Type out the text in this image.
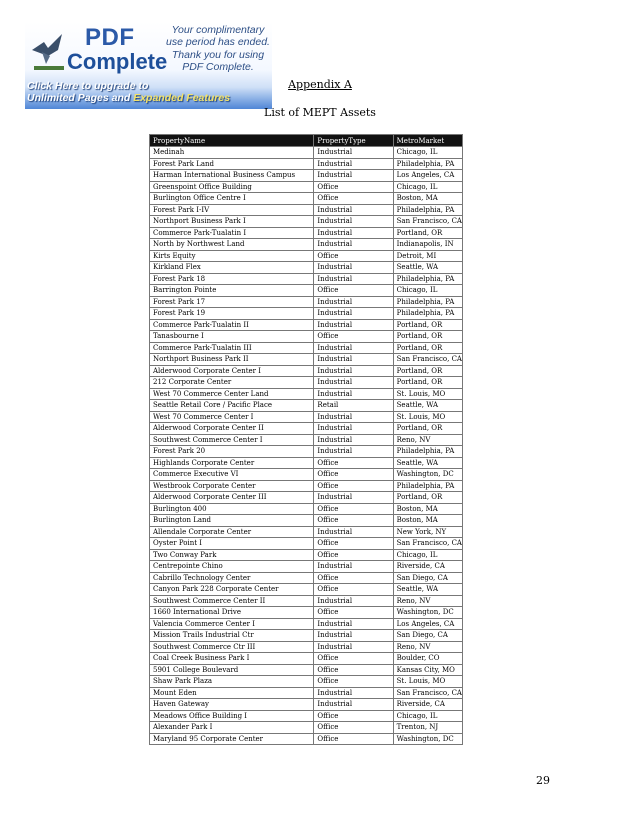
PDF
Complete
Your complimentary
use period has ended.
Thank you for using
PDF Complete.
Click Here to upgrade to
Unlimited Pages and Expanded Features
Appendix A
List of MEPT Assets
PropertyName	PropertyType	MetroMarket
Medinah	Industrial	Chicago, IL
Forest Park Land	Industrial	Philadelphia, PA
Harman International Business Campus	Industrial	Los Angeles, CA
Greenspoint Office Building	Office	Chicago, IL
Burlington Office Centre I	Office	Boston, MA
Forest Park I-IV	Industrial	Philadelphia, PA
Northport Business Park I	Industrial	San Francisco, CA
Commerce Park-Tualatin I	Industrial	Portland, OR
North by Northwest Land	Industrial	Indianapolis, IN
Kirts Equity	Office	Detroit, MI
Kirkland Flex	Industrial	Seattle, WA
Forest Park 18	Industrial	Philadelphia, PA
Barrington Pointe	Office	Chicago, IL
Forest Park 17	Industrial	Philadelphia, PA
Forest Park 19	Industrial	Philadelphia, PA
Commerce Park-Tualatin II	Industrial	Portland, OR
Tanasbourne I	Office	Portland, OR
Commerce Park-Tualatin III	Industrial	Portland, OR
Northport Business Park II	Industrial	San Francisco, CA
Alderwood Corporate Center I	Industrial	Portland, OR
212 Corporate Center	Industrial	Portland, OR
West 70 Commerce Center Land	Industrial	St. Louis, MO
Seattle Retail Core / Pacific Place	Retail	Seattle, WA
West 70 Commerce Center I	Industrial	St. Louis, MO
Alderwood Corporate Center II	Industrial	Portland, OR
Southwest Commerce Center I	Industrial	Reno, NV
Forest Park 20	Industrial	Philadelphia, PA
Highlands Corporate Center	Office	Seattle, WA
Commerce Executive VI	Office	Washington, DC
Westbrook Corporate Center	Office	Philadelphia, PA
Alderwood Corporate Center III	Industrial	Portland, OR
Burlington 400	Office	Boston, MA
Burlington Land	Office	Boston, MA
Allendale Corporate Center	Industrial	New York, NY
Oyster Point I	Office	San Francisco, CA
Two Conway Park	Office	Chicago, IL
Centrepointe Chino	Industrial	Riverside, CA
Cabrillo Technology Center	Office	San Diego, CA
Canyon Park 228 Corporate Center	Office	Seattle, WA
Southwest Commerce Center II	Industrial	Reno, NV
1660 International Drive	Office	Washington, DC
Valencia Commerce Center I	Industrial	Los Angeles, CA
Mission Trails Industrial Ctr	Industrial	San Diego, CA
Southwest Commerce Ctr III	Industrial	Reno, NV
Coal Creek Business Park I	Office	Boulder, CO
5901 College Boulevard	Office	Kansas City, MO
Shaw Park Plaza	Office	St. Louis, MO
Mount Eden	Industrial	San Francisco, CA
Haven Gateway	Industrial	Riverside, CA
Meadows Office Building I	Office	Chicago, IL
Alexander Park I	Office	Trenton, NJ
Maryland 95 Corporate Center	Office	Washington, DC
29
